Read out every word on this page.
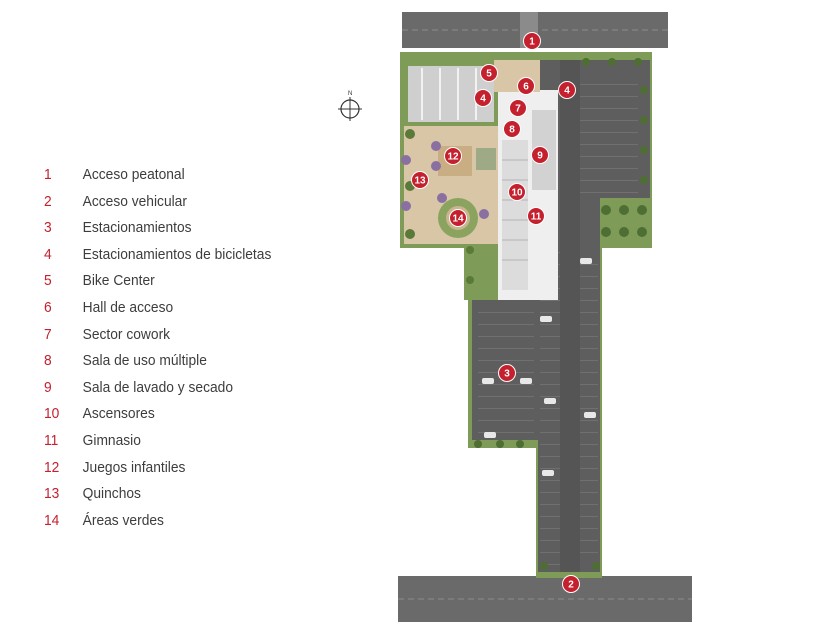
N
1	Acceso peatonal
2	Acceso vehicular
3	Estacionamientos
4	Estacionamientos de bicicletas
5	Bike Center
6	Hall de acceso
7	Sector cowork
8	Sala de uso múltiple
9	Sala de lavado y secado
10	Ascensores
11	Gimnasio
12	Juegos infantiles
13	Quinchos
14	Áreas verdes
1
2
3
4
4
5
6
7
8
9
10
11
12
13
14
